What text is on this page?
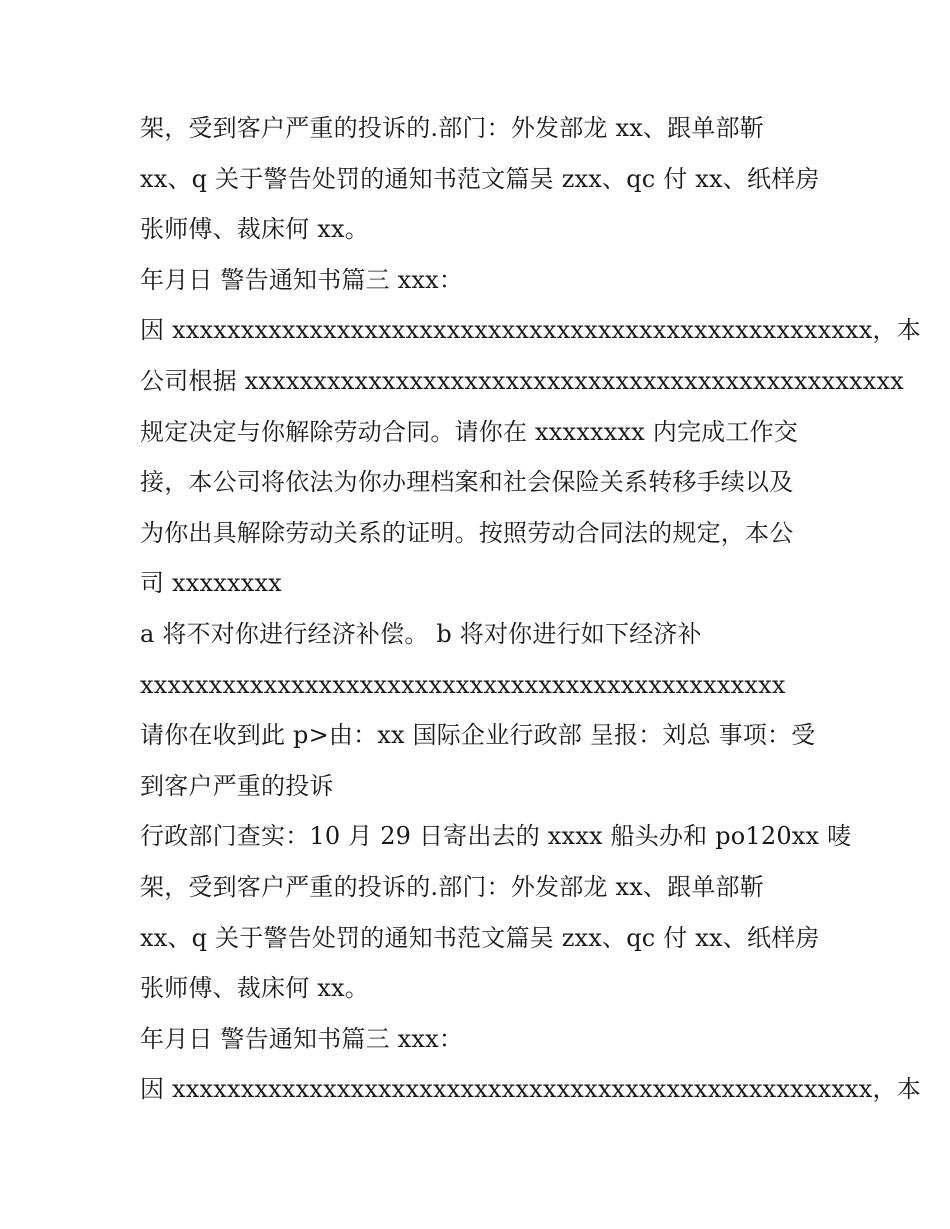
架，受到客户严重的投诉的.部门：外发部龙 xx、跟单部靳
xx、q 关于警告处罚的通知书范文篇吴 zxx、qc 付 xx、纸样房
张师傅、裁床何 xx。
年月日 警告通知书篇三 xxx：
因 xxxxxxxxxxxxxxxxxxxxxxxxxxxxxxxxxxxxxxxxxxxxxxxxxxx，本
公司根据 xxxxxxxxxxxxxxxxxxxxxxxxxxxxxxxxxxxxxxxxxxxxxxxx
规定决定与你解除劳动合同。请你在 xxxxxxxx 内完成工作交
接，本公司将依法为你办理档案和社会保险关系转移手续以及
为你出具解除劳动关系的证明。按照劳动合同法的规定，本公
司 xxxxxxxx
a 将不对你进行经济补偿。 b 将对你进行如下经济补
xxxxxxxxxxxxxxxxxxxxxxxxxxxxxxxxxxxxxxxxxxxxxxx
请你在收到此 p>由：xx 国际企业行政部 呈报：刘总 事项：受
到客户严重的投诉
行政部门查实：10 月 29 日寄出去的 xxxx 船头办和 po120xx 唛
架，受到客户严重的投诉的.部门：外发部龙 xx、跟单部靳
xx、q 关于警告处罚的通知书范文篇吴 zxx、qc 付 xx、纸样房
张师傅、裁床何 xx。
年月日 警告通知书篇三 xxx：
因 xxxxxxxxxxxxxxxxxxxxxxxxxxxxxxxxxxxxxxxxxxxxxxxxxxx，本
